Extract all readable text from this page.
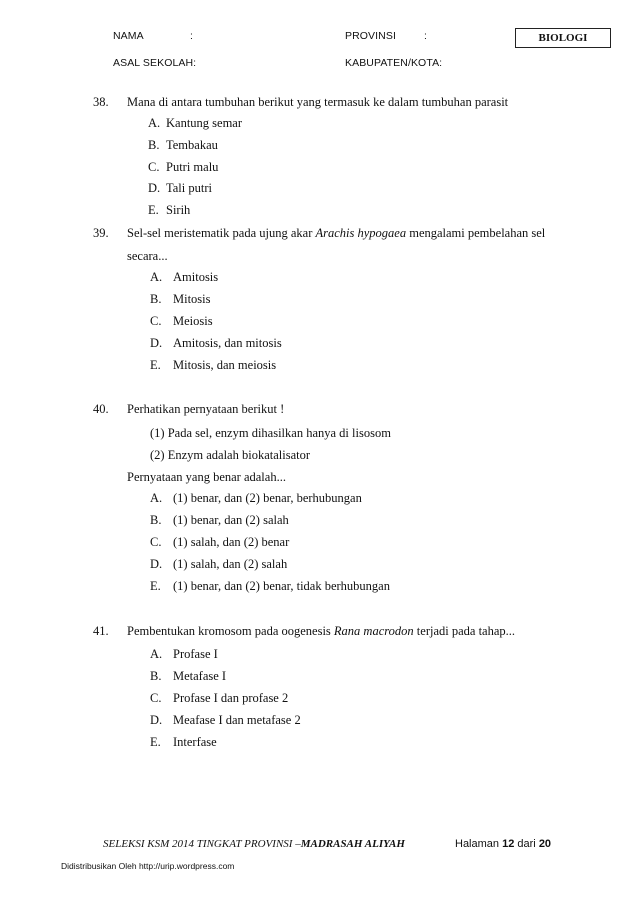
NAMA	:	PROVINSI	:
ASAL SEKOLAH:	KABUPATEN/KOTA:
BIOLOGI
38. Mana di antara tumbuhan berikut yang termasuk ke dalam tumbuhan parasit
A. Kantung semar
B. Tembakau
C. Putri malu
D. Tali putri
E. Sirih
39. Sel-sel meristematik pada ujung akar Arachis hypogaea mengalami pembelahan sel
secara...
A. Amitosis
B. Mitosis
C. Meiosis
D. Amitosis, dan mitosis
E. Mitosis, dan meiosis
40. Perhatikan pernyataan berikut !
(1) Pada sel, enzym dihasilkan hanya di lisosom
(2) Enzym adalah biokatalisator
Pernyataan yang benar adalah...
A. (1) benar, dan (2) benar, berhubungan
B. (1) benar, dan (2) salah
C. (1) salah, dan (2) benar
D. (1) salah, dan (2) salah
E. (1) benar, dan (2) benar, tidak berhubungan
41. Pembentukan kromosom pada oogenesis Rana macrodon terjadi pada tahap...
A. Profase I
B. Metafase I
C. Profase I dan profase 2
D. Meafase I dan metafase 2
E. Interfase
SELEKSI KSM 2014 TINGKAT PROVINSI –MADRASAH ALIYAH	Halaman 12 dari 20
Didistribusikan Oleh http://urip.wordpress.com
